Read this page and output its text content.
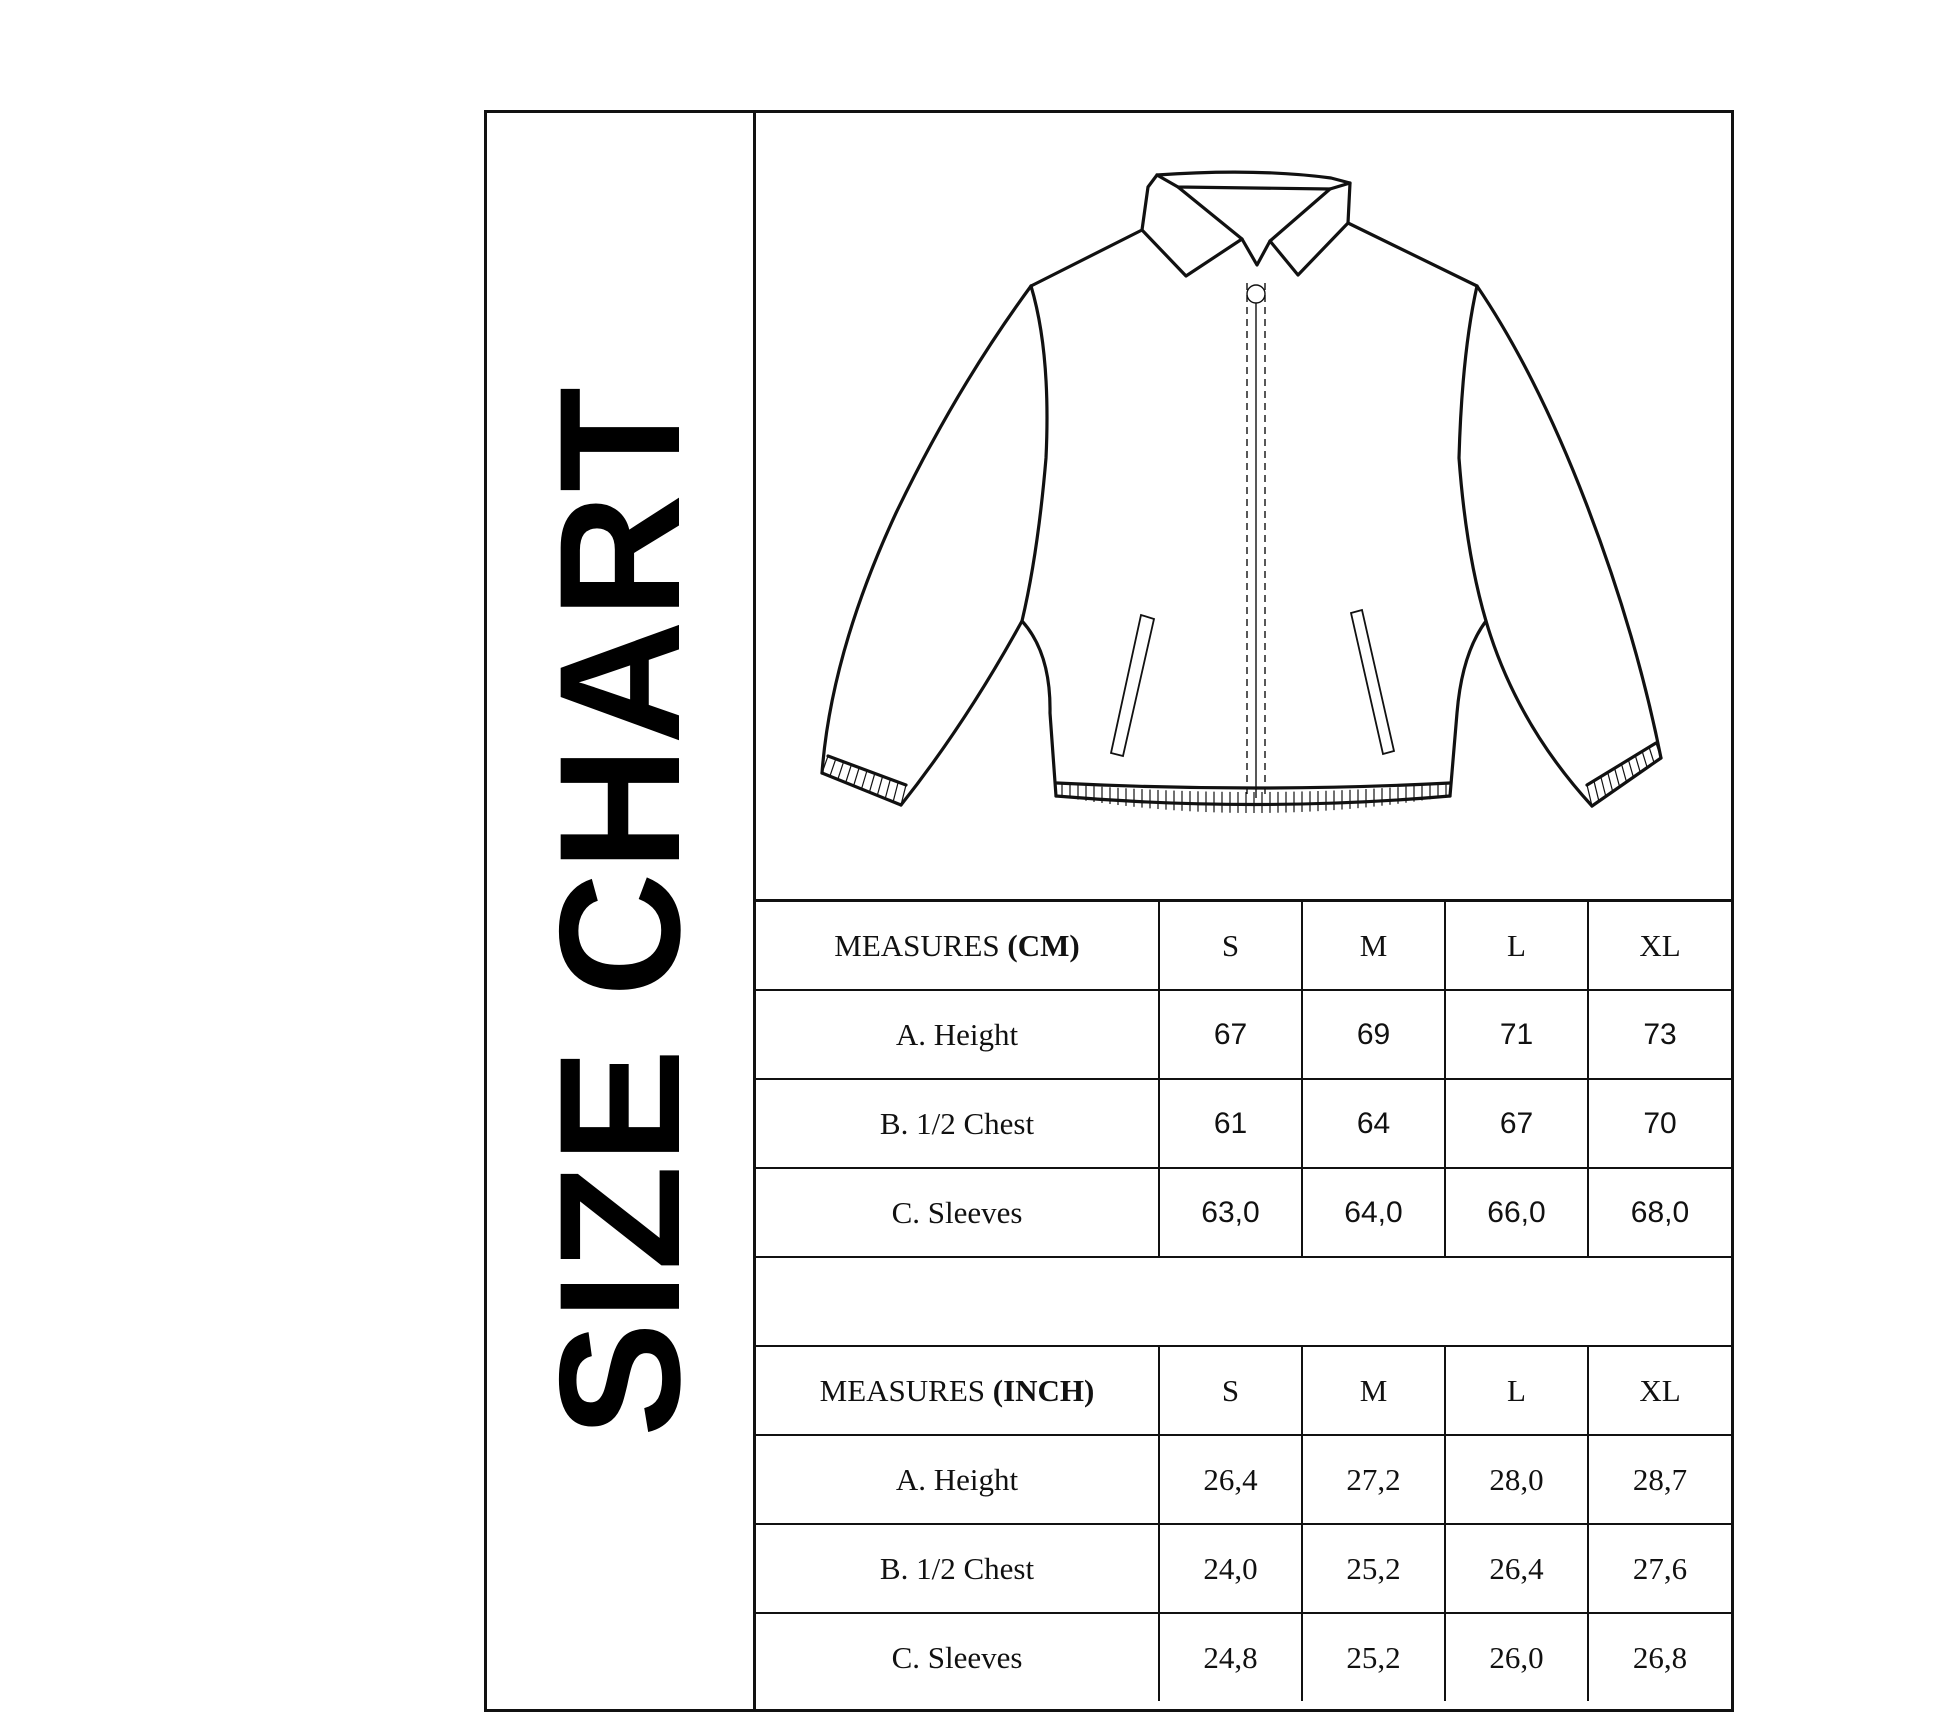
SIZE CHART	MEASURES (CM)	S	M	L	XL
A. Height	67	69	71	73
B. 1/2 Chest	61	64	67	70
C. Sleeves	63,0	64,0	66,0	68,0

MEASURES (INCH)	S	M	L	XL
A. Height	26,4	27,2	28,0	28,7
B. 1/2 Chest	24,0	25,2	26,4	27,6
C. Sleeves	24,8	25,2	26,0	26,8
